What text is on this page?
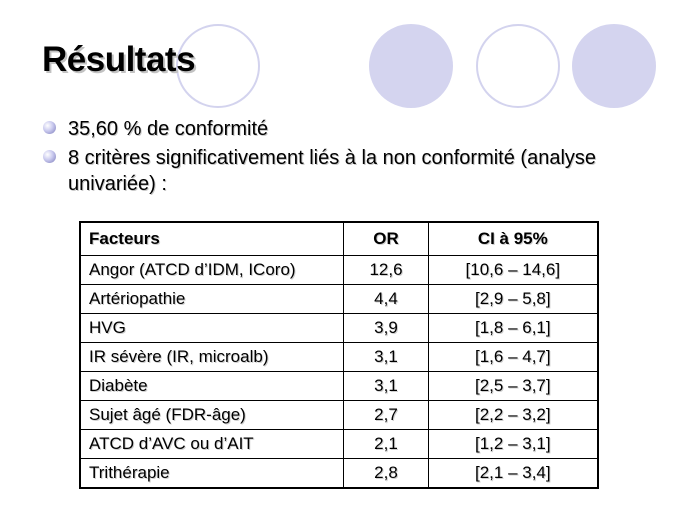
Résultats
35,60 % de conformité
8 critères significativement liés à la non conformité (analyse univariée) :
Facteurs	OR	CI à 95%
Angor (ATCD d’IDM, ICoro)	12,6	[10,6 – 14,6]
Artériopathie	4,4	[2,9 – 5,8]
HVG	3,9	[1,8 – 6,1]
IR sévère (IR, microalb)	3,1	[1,6 – 4,7]
Diabète	3,1	[2,5 – 3,7]
Sujet âgé (FDR-âge)	2,7	[2,2 – 3,2]
ATCD d’AVC ou d’AIT	2,1	[1,2 – 3,1]
Trithérapie	2,8	[2,1 – 3,4]
